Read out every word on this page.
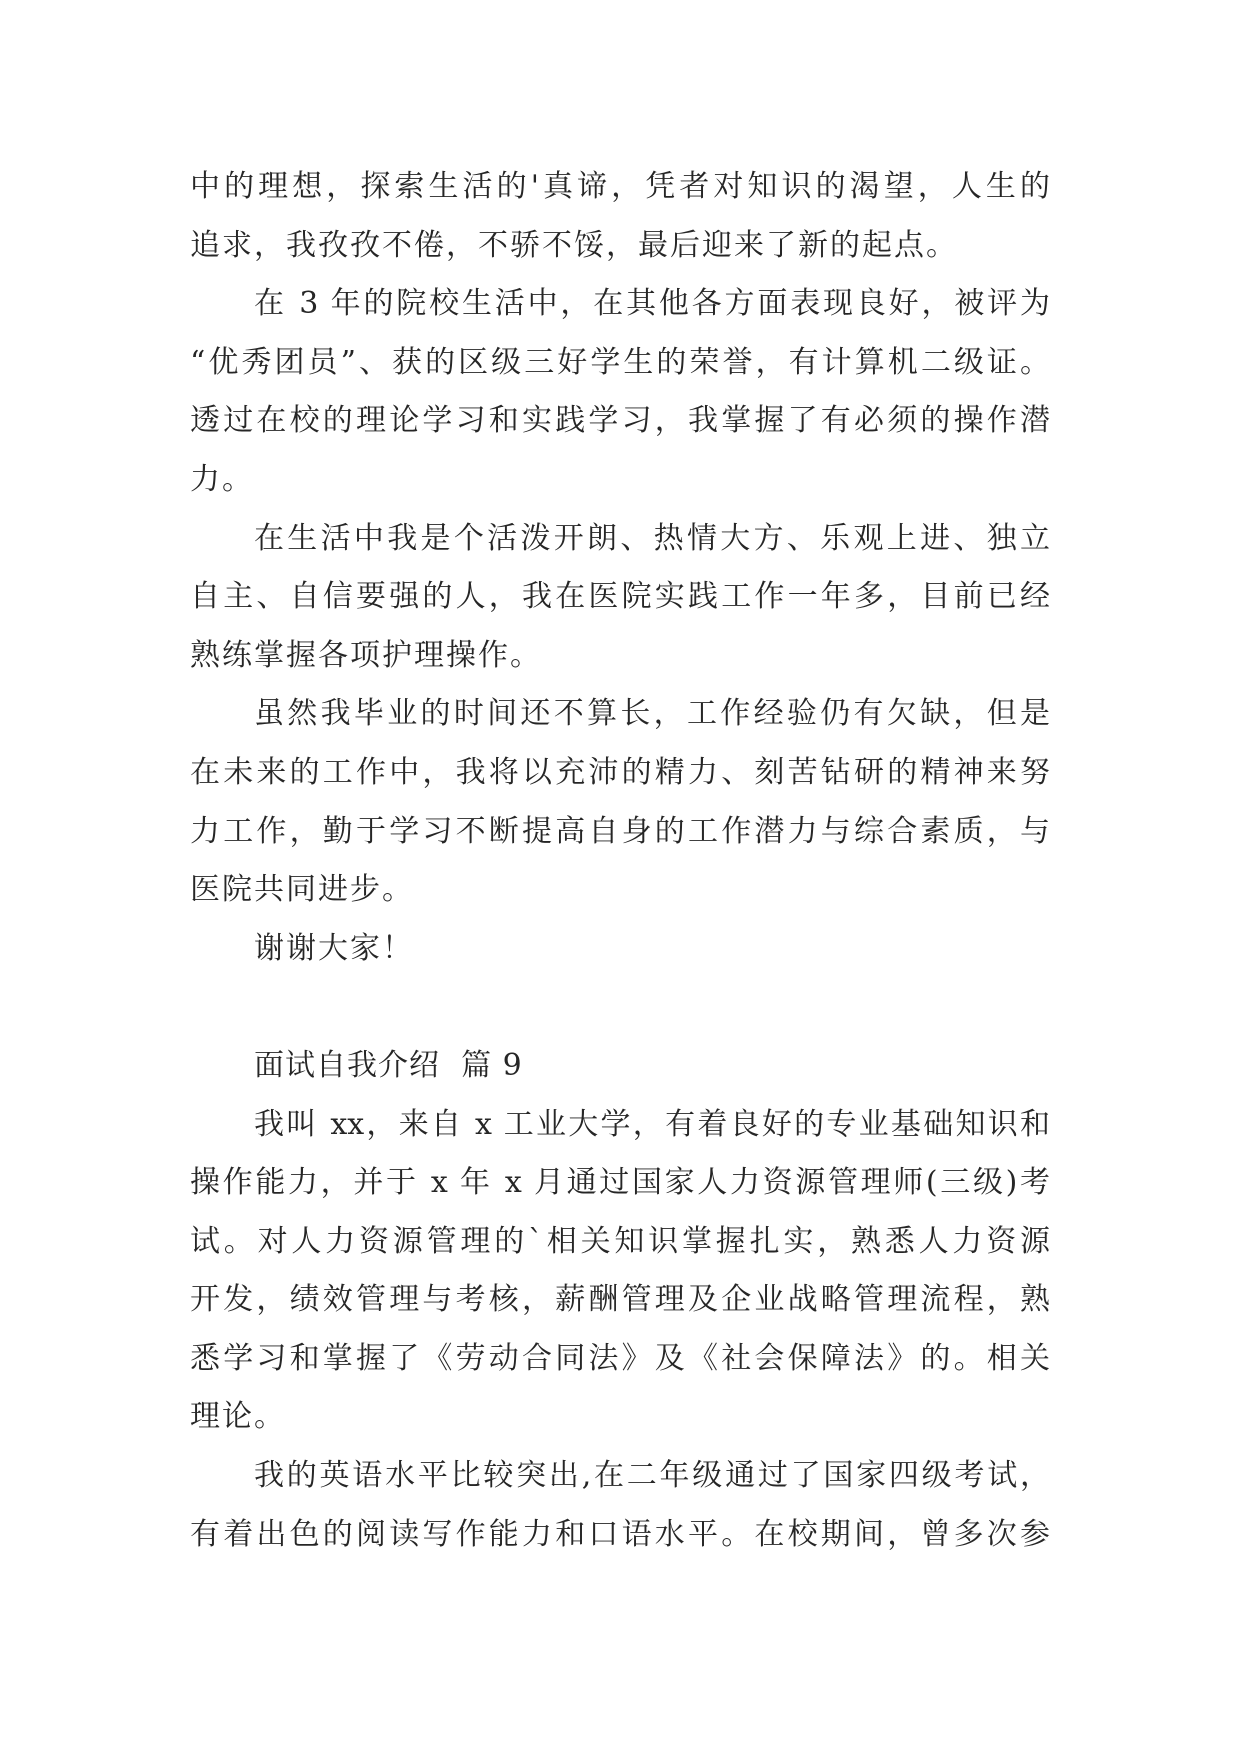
中的理想，探索生活的'真谛，凭者对知识的渴望，人生的
追求，我孜孜不倦，不骄不馁，最后迎来了新的起点。
在 3 年的院校生活中，在其他各方面表现良好，被评为
“优秀团员”、获的区级三好学生的荣誉，有计算机二级证。
透过在校的理论学习和实践学习，我掌握了有必须的操作潜
力。
在生活中我是个活泼开朗、热情大方、乐观上进、独立
自主、自信要强的人，我在医院实践工作一年多，目前已经
熟练掌握各项护理操作。
虽然我毕业的时间还不算长，工作经验仍有欠缺，但是
在未来的工作中，我将以充沛的精力、刻苦钻研的精神来努
力工作，勤于学习不断提高自身的工作潜力与综合素质，与
医院共同进步。
谢谢大家！
面试自我介绍  篇 9
我叫 xx，来自 x 工业大学，有着良好的专业基础知识和
操作能力，并于 x 年 x 月通过国家人力资源管理师(三级)考
试。对人力资源管理的`相关知识掌握扎实，熟悉人力资源
开发，绩效管理与考核，薪酬管理及企业战略管理流程，熟
悉学习和掌握了《劳动合同法》及《社会保障法》的。相关
理论。
我的英语水平比较突出,在二年级通过了国家四级考试，
有着出色的阅读写作能力和口语水平。在校期间，曾多次参
